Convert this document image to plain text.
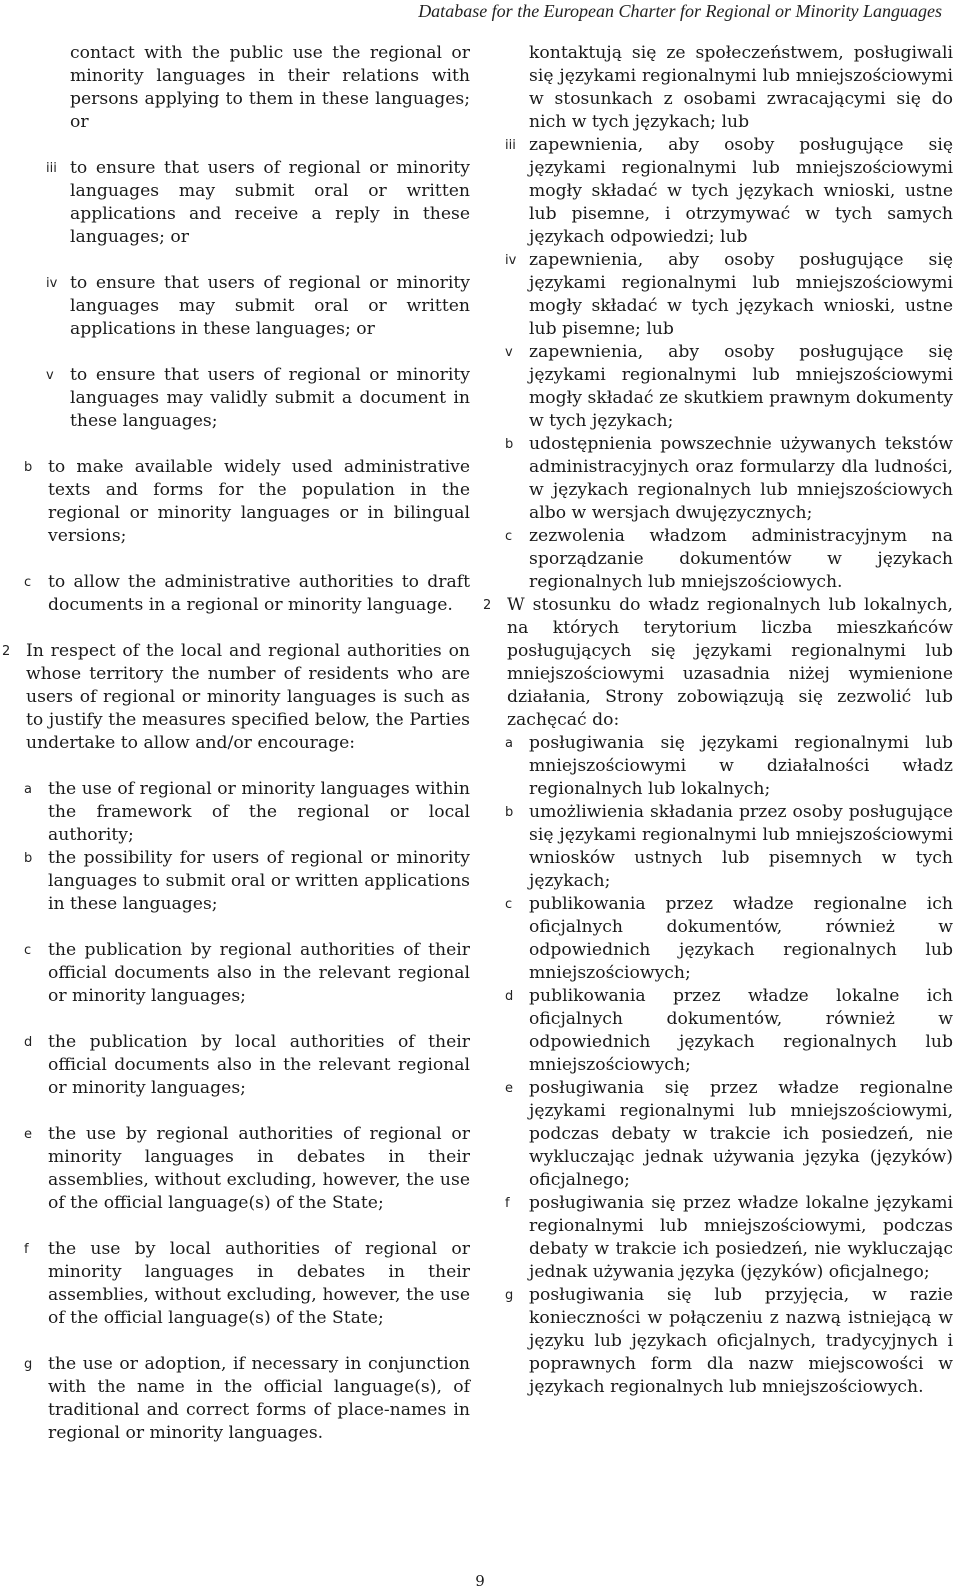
Database for the European Charter for Regional or Minority Languages
contact with the public use the regional or minority languages in their relations with persons applying to them in these languages; or
iii to ensure that users of regional or minority languages may submit oral or written applications and receive a reply in these languages; or
iv to ensure that users of regional or minority languages may submit oral or written applications in these languages; or
v to ensure that users of regional or minority languages may validly submit a document in these languages;
b to make available widely used administrative texts and forms for the population in the regional or minority languages or in bilingual versions;
c to allow the administrative authorities to draft documents in a regional or minority language.
2 In respect of the local and regional authorities on whose territory the number of residents who are users of regional or minority languages is such as to justify the measures specified below, the Parties undertake to allow and/or encourage:
a the use of regional or minority languages within the framework of the regional or local authority;
b the possibility for users of regional or minority languages to submit oral or written applications in these languages;
c the publication by regional authorities of their official documents also in the relevant regional or minority languages;
d the publication by local authorities of their official documents also in the relevant regional or minority languages;
e the use by regional authorities of regional or minority languages in debates in their assemblies, without excluding, however, the use of the official language(s) of the State;
f the use by local authorities of regional or minority languages in debates in their assemblies, without excluding, however, the use of the official language(s) of the State;
g the use or adoption, if necessary in conjunction with the name in the official language(s), of traditional and correct forms of place-names in regional or minority languages.
kontaktują się ze społeczeństwem, posługiwali się językami regionalnymi lub mniejszościowymi w stosunkach z osobami zwracającymi się do nich w tych językach; lub
iii zapewnienia, aby osoby posługujące się językami regionalnymi lub mniejszościowymi mogły składać w tych językach wnioski, ustne lub pisemne, i otrzymywać w tych samych językach odpowiedzi; lub
iv zapewnienia, aby osoby posługujące się językami regionalnymi lub mniejszościowymi mogły składać w tych językach wnioski, ustne lub pisemne; lub
v zapewnienia, aby osoby posługujące się językami regionalnymi lub mniejszościowymi mogły składać ze skutkiem prawnym dokumenty w tych językach;
b udostępnienia powszechnie używanych tekstów administracyjnych oraz formularzy dla ludności, w językach regionalnych lub mniejszościowych albo w wersjach dwujęzycznych;
c zezwolenia władzom administracyjnym na sporządzanie dokumentów w językach regionalnych lub mniejszościowych.
2 W stosunku do władz regionalnych lub lokalnych, na których terytorium liczba mieszkańców posługujących się językami regionalnymi lub mniejszościowymi uzasadnia niżej wymienione działania, Strony zobowiązują się zezwolić lub zachęcać do:
a posługiwania się językami regionalnymi lub mniejszościowymi w działalności władz regionalnych lub lokalnych;
b umożliwienia składania przez osoby posługujące się językami regionalnymi lub mniejszościowymi wniosków ustnych lub pisemnych w tych językach;
c publikowania przez władze regionalne ich oficjalnych dokumentów, również w odpowiednich językach regionalnych lub mniejszościowych;
d publikowania przez władze lokalne ich oficjalnych dokumentów, również w odpowiednich językach regionalnych lub mniejszościowych;
e posługiwania się przez władze regionalne językami regionalnymi lub mniejszościowymi, podczas debaty w trakcie ich posiedzeń, nie wykluczając jednak używania języka (języków) oficjalnego;
f posługiwania się przez władze lokalne językami regionalnymi lub mniejszościowymi, podczas debaty w trakcie ich posiedzeń, nie wykluczając jednak używania języka (języków) oficjalnego;
g posługiwania się lub przyjęcia, w razie konieczności w połączeniu z nazwą istniejącą w języku lub językach oficjalnych, tradycyjnych i poprawnych form dla nazw miejscowości w językach regionalnych lub mniejszościowych.
9
